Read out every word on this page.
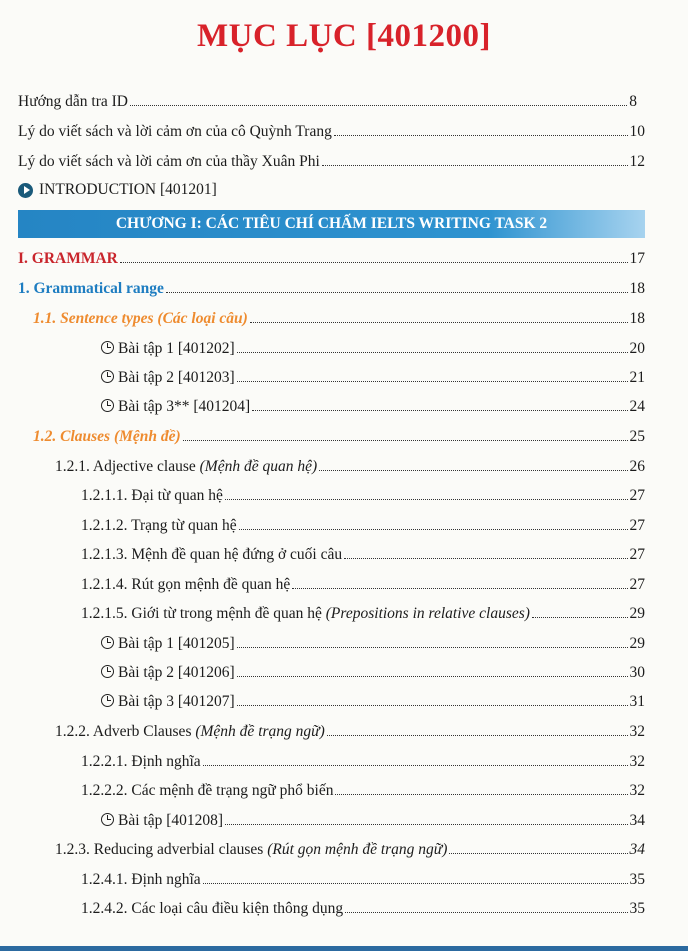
MỤC LỤC [401200]
Hướng dẫn tra ID	8
Lý do viết sách và lời cảm ơn của cô Quỳnh Trang	10
Lý do viết sách và lời cảm ơn của thầy Xuân Phi	12
INTRODUCTION [401201]
CHƯƠNG I: CÁC TIÊU CHÍ CHẤM IELTS WRITING TASK 2
I. GRAMMAR	17
1. Grammatical range	18
1.1. Sentence types (Các loại câu)	18
Bài tập 1 [401202]	20
Bài tập 2 [401203]	21
Bài tập 3** [401204]	24
1.2. Clauses (Mệnh đề)	25
1.2.1. Adjective clause (Mệnh đề quan hệ)	26
1.2.1.1. Đại từ quan hệ	27
1.2.1.2. Trạng từ quan hệ	27
1.2.1.3. Mệnh đề quan hệ đứng ở cuối câu	27
1.2.1.4. Rút gọn mệnh đề quan hệ	27
1.2.1.5. Giới từ trong mệnh đề quan hệ (Prepositions in relative clauses)	29
Bài tập 1 [401205]	29
Bài tập 2 [401206]	30
Bài tập 3 [401207]	31
1.2.2. Adverb Clauses (Mệnh đề trạng ngữ)	32
1.2.2.1. Định nghĩa	32
1.2.2.2. Các mệnh đề trạng ngữ phổ biến	32
Bài tập [401208]	34
1.2.3. Reducing adverbial clauses (Rút gọn mệnh đề trạng ngữ)	34
1.2.4.1. Định nghĩa	35
1.2.4.2. Các loại câu điều kiện thông dụng	35
